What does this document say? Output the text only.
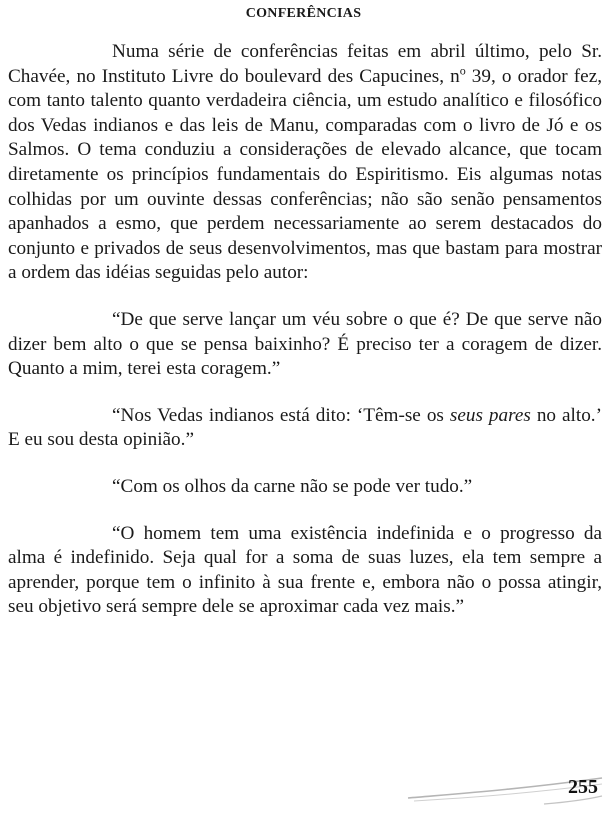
CONFERÊNCIAS

Numa série de conferências feitas em abril último, pelo Sr. Chavée, no Instituto Livre do boulevard des Capucines, $n^o$ 39, o orador fez, com tanto talento quanto verdadeira ciência, um estudo analítico e filosófico dos Vedas indianos e das leis de Manu, comparadas com o livro de Jó e os Salmos. O tema conduziu a considerações de elevado alcance, que tocam diretamente os princípios fundamentais do Espiritismo. Eis algumas notas colhidas por um ouvinte dessas conferências; não são senão pensamentos apanhados a esmo, que perdem necessariamente ao serem destacados do conjunto e privados de seus desenvolvimentos, mas que bastam para mostrar a ordem das idéias seguidas pelo autor:

“De que serve lançar um véu sobre o que é? De que serve não dizer bem alto o que se pensa baixinho? É preciso ter a coragem de dizer. Quanto a mim, terei esta coragem.”

“Nos Vedas indianos está dito: ‘Têm-se os seus pares no alto.’ E eu sou desta opinião.”

“Com os olhos da carne não se pode ver tudo.”

“O homem tem uma existência indefinida e o progresso da alma é indefinido. Seja qual for a soma de suas luzes, ela tem sempre a aprender, porque tem o infinito à sua frente e, embora não o possa atingir, seu objetivo será sempre dele se aproximar cada vez mais.”

255
